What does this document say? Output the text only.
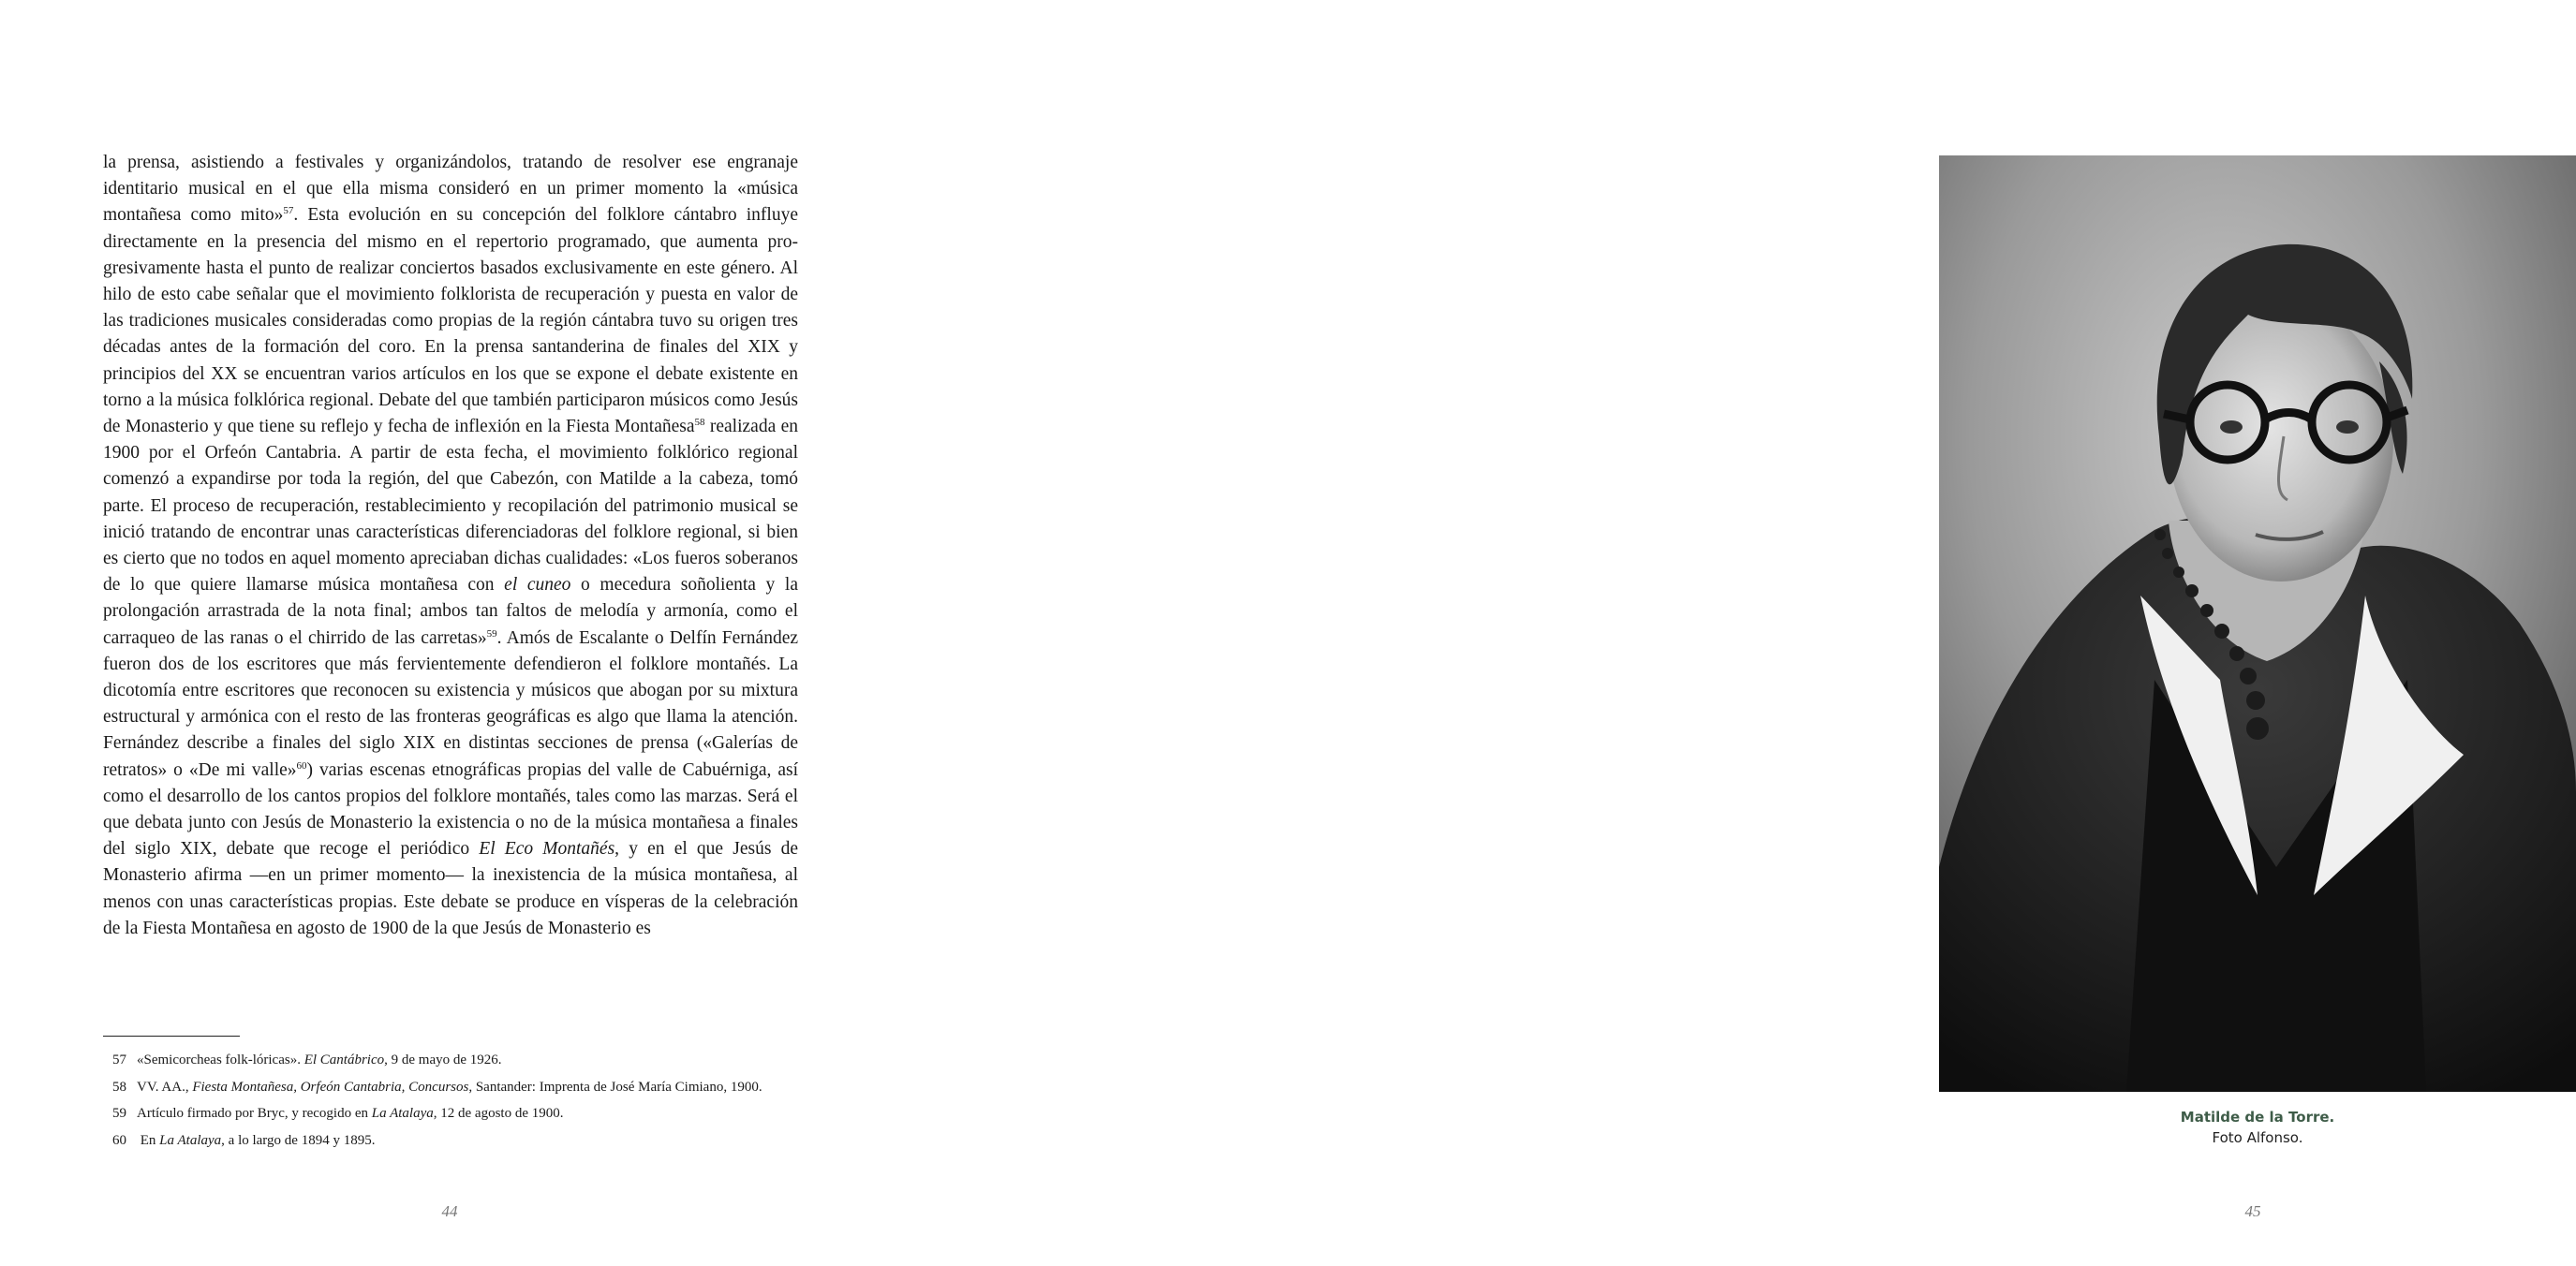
la prensa, asistiendo a festivales y organizándolos, tratando de resolver ese engranaje identitario musical en el que ella misma consideró en un primer momento la «música montañesa como mito»$^{57}$. Esta evolución en su concepción del folklore cántabro influye directamente en la presencia del mismo en el repertorio programado, que aumenta progresivamente hasta el punto de realizar conciertos basados exclusivamente en este género. Al hilo de esto cabe señalar que el movimiento folklorista de recuperación y puesta en valor de las tradiciones musicales consideradas como propias de la región cántabra tuvo su origen tres décadas antes de la formación del coro. En la prensa santanderina de finales del XIX y principios del XX se encuentran varios artículos en los que se expone el debate existente en torno a la música folklórica regional. Debate del que también participaron músicos como Jesús de Monasterio y que tiene su reflejo y fecha de inflexión en la Fiesta Montañesa$^{58}$ realizada en 1900 por el Orfeón Cantabria. A partir de esta fecha, el movimiento folklórico regional comenzó a expandirse por toda la región, del que Cabezón, con Matilde a la cabeza, tomó parte. El proceso de recuperación, restablecimiento y recopilación del patrimonio musical se inició tratando de encontrar unas características diferenciadoras del folklore regional, si bien es cierto que no todos en aquel momento apreciaban dichas cualidades: «Los fueros soberanos de lo que quiere llamarse música montañesa con el cuneo o mecedura soñolienta y la prolongación arrastrada de la nota final; ambos tan faltos de melodía y armonía, como el carraqueo de las ranas o el chirrido de las carretas»$^{59}$. Amós de Escalante o Delfín Fernández fueron dos de los escritores que más fervientemente defendieron el folklore montañés. La dicotomía entre escritores que reconocen su existencia y músicos que abogan por su mixtura estructural y armónica con el resto de las fronteras geográficas es algo que llama la atención. Fernández describe a finales del siglo XIX en distintas secciones de prensa («Galerías de retratos» o «De mi valle»$^{60}$) varias escenas etnográficas propias del valle de Cabuérniga, así como el desarrollo de los cantos propios del folklore montañés, tales como las marzas. Será el que debata junto con Jesús de Monasterio la existencia o no de la música montañesa a finales del siglo XIX, debate que recoge el periódico El Eco Montañés, y en el que Jesús de Monasterio afirma —en un primer momento— la inexistencia de la música montañesa, al menos con unas características propias. Este debate se produce en vísperas de la celebración de la Fiesta Montañesa en agosto de 1900 de la que Jesús de Monasterio es

57 «Semicorcheas folk-lóricas». El Cantábrico, 9 de mayo de 1926.
58 VV. AA., Fiesta Montañesa, Orfeón Cantabria, Concursos, Santander: Imprenta de José María Cimiano, 1900.
59 Artículo firmado por Bryc, y recogido en La Atalaya, 12 de agosto de 1900.
60 En La Atalaya, a lo largo de 1894 y 1895.
44
Matilde de la Torre.
Foto Alfonso.
45
